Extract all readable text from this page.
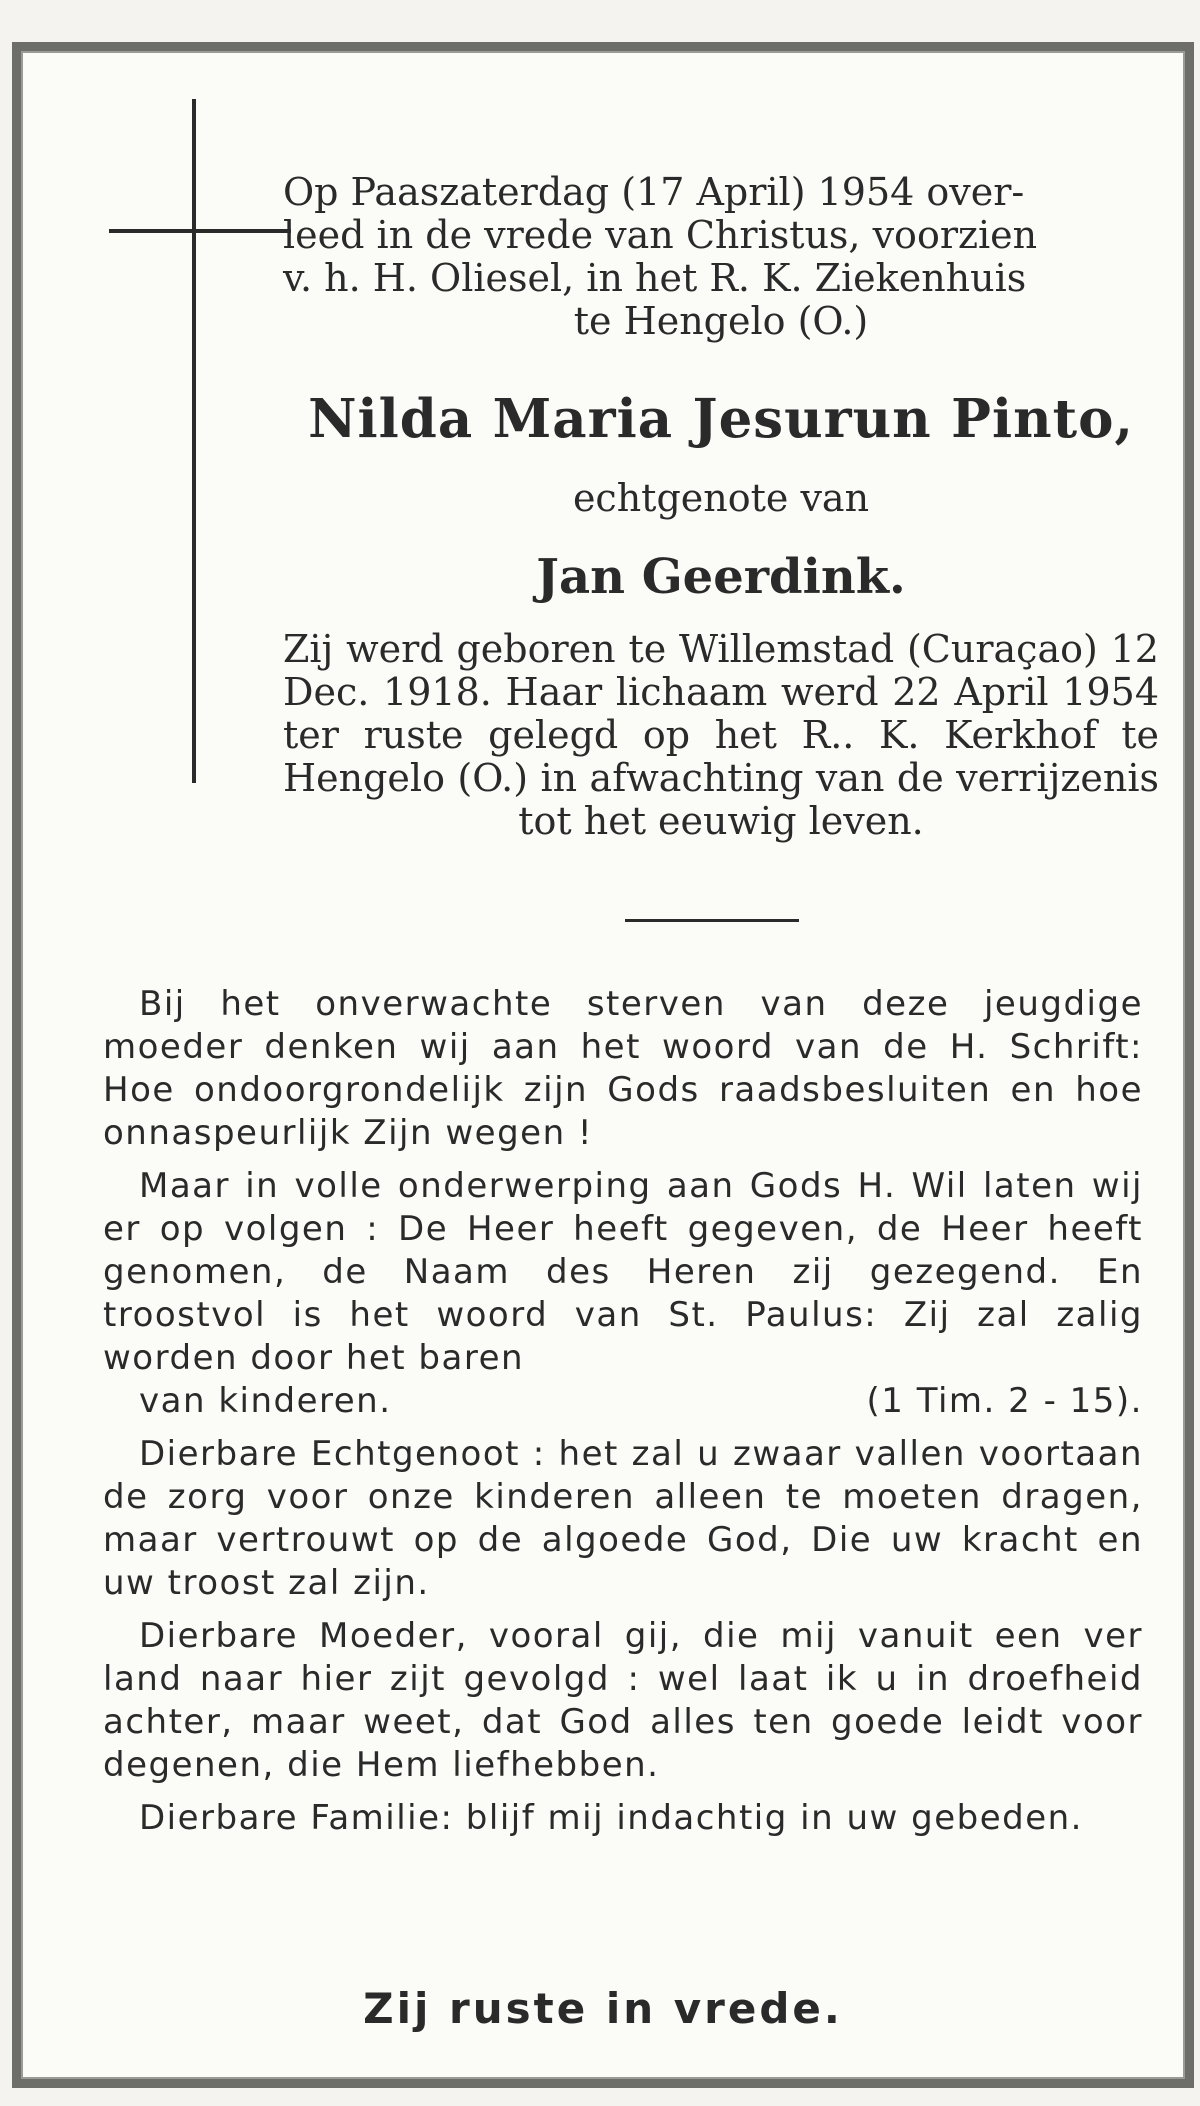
Op Paaszaterdag (17 April) 1954 over-
leed in de vrede van Christus, voorzien
v. h. H. Oliesel, in het R. K. Ziekenhuis

te Hengelo (O.)

Nilda Maria Jesurun Pinto,
echtgenote van
Jan Geerdink.

Zij werd geboren te Willemstad (Curaçao) 12 Dec. 1918. Haar lichaam werd 22 April 1954 ter ruste gelegd op het R.. K. Kerkhof te Hengelo (O.) in afwachting van de verrijzenis tot het eeuwig leven.

Bij het onverwachte sterven van deze jeugdige moeder denken wij aan het woord van de H. Schrift: Hoe ondoorgrondelijk zijn Gods raadsbesluiten en hoe onnaspeurlijk Zijn wegen !

Maar in volle onderwerping aan Gods H. Wil laten wij er op volgen : De Heer heeft gegeven, de Heer heeft genomen, de Naam des Heren zij gezegend. En troostvol is het woord van St. Paulus: Zij zal zalig worden door het baren
van kinderen.	(1 Tim. 2 - 15).

Dierbare Echtgenoot : het zal u zwaar vallen voortaan de zorg voor onze kinderen alleen te moeten dragen, maar vertrouwt op de algoede God, Die uw kracht en uw troost zal zijn.

Dierbare Moeder, vooral gij, die mij vanuit een ver land naar hier zijt gevolgd : wel laat ik u in droefheid achter, maar weet, dat God alles ten goede leidt voor degenen, die Hem liefhebben.

Dierbare Familie: blijf mij indachtig in uw gebeden.

Zij ruste in vrede.
